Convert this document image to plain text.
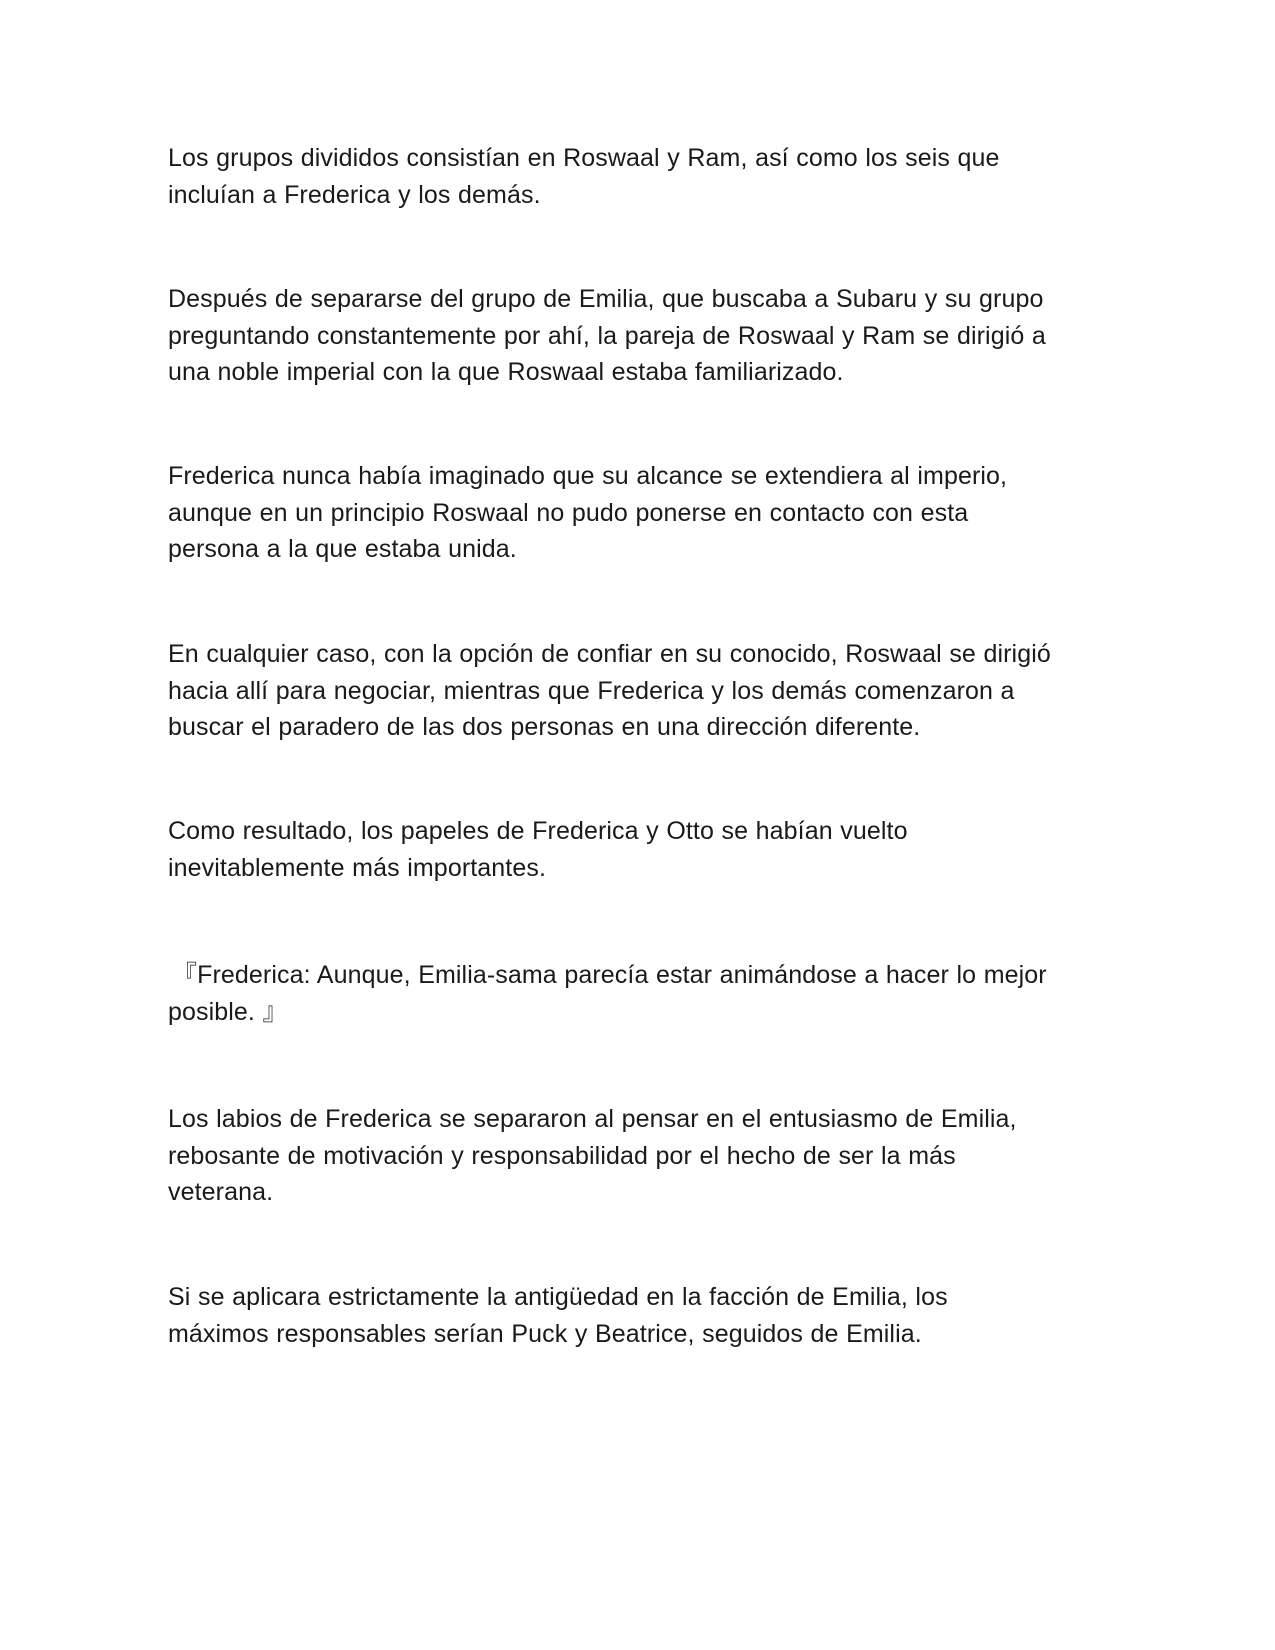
Los grupos divididos consistían en Roswaal y Ram, así como los seis que
incluían a Frederica y los demás.

Después de separarse del grupo de Emilia, que buscaba a Subaru y su grupo
preguntando constantemente por ahí, la pareja de Roswaal y Ram se dirigió a
una noble imperial con la que Roswaal estaba familiarizado.

Frederica nunca había imaginado que su alcance se extendiera al imperio,
aunque en un principio Roswaal no pudo ponerse en contacto con esta
persona a la que estaba unida.

En cualquier caso, con la opción de confiar en su conocido, Roswaal se dirigió
hacia allí para negociar, mientras que Frederica y los demás comenzaron a
buscar el paradero de las dos personas en una dirección diferente.

Como resultado, los papeles de Frederica y Otto se habían vuelto
inevitablemente más importantes.

『Frederica: Aunque, Emilia-sama parecía estar animándose a hacer lo mejor
posible. 』

Los labios de Frederica se separaron al pensar en el entusiasmo de Emilia,
rebosante de motivación y responsabilidad por el hecho de ser la más
veterana.

Si se aplicara estrictamente la antigüedad en la facción de Emilia, los
máximos responsables serían Puck y Beatrice, seguidos de Emilia.
